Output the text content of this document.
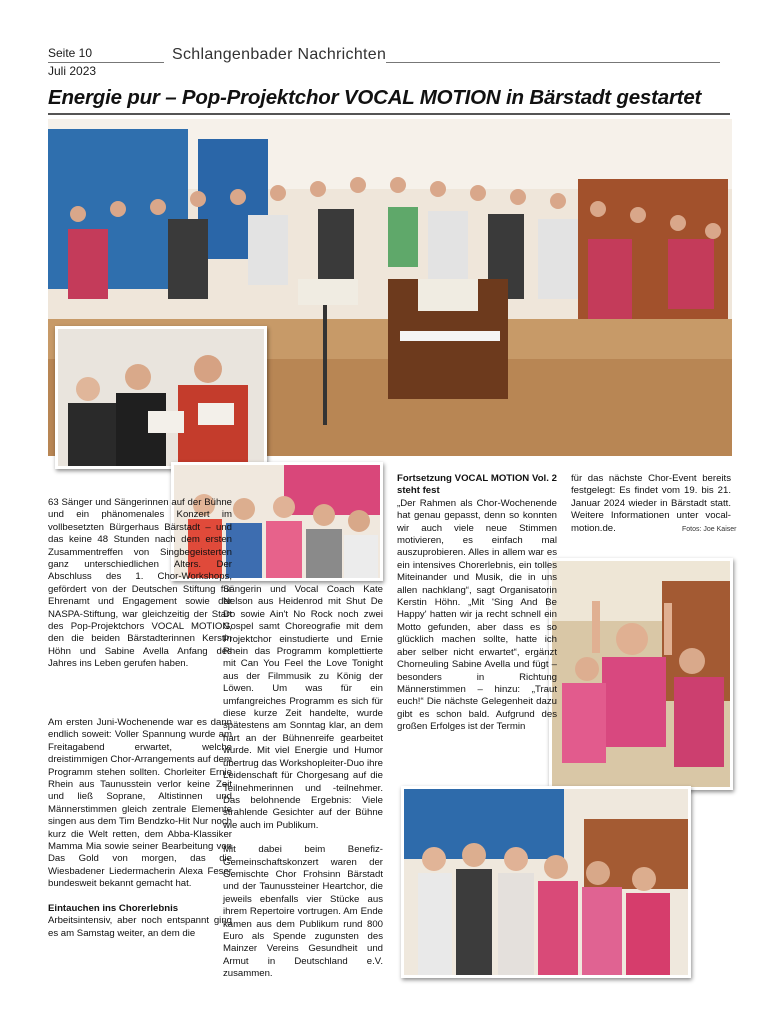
Seite 10
Juli 2023
Schlangenbader Nachrichten
Energie pur – Pop-Projektchor VOCAL MOTION in Bärstadt gestartet

63 Sänger und Sängerinnen auf der Bühne und ein phänomenales Konzert im vollbesetzten Bürgerhaus Bärstadt – und das keine 48 Stunden nach dem ersten Zusammentreffen von Singbegeisterten ganz unterschiedlichen Alters. Der Abschluss des 1. Chor-Workshops, gefördert von der Deutschen Stiftung für Ehrenamt und Engagement sowie der NASPA-Stiftung, war gleichzeitig der Start des Pop-Projektchors VOCAL MOTION, den die beiden Bärstadterinnen Kerstin Höhn und Sabine Avella Anfang des Jahres ins Leben gerufen haben.

Am ersten Juni-Wochenende war es dann endlich soweit: Voller Spannung wurde am Freitagabend erwartet, welche dreistimmigen Chor-Arrangements auf dem Programm stehen sollten. Chorleiter Ernie Rhein aus Taunusstein verlor keine Zeit und ließ Soprane, Altistinnen und Männerstimmen gleich zentrale Elemente singen aus dem Tim Bendzko-Hit Nur noch kurz die Welt retten, dem Abba-Klassiker Mamma Mia sowie seiner Bearbeitung von Das Gold von morgen, das die Wiesbadener Liedermacherin Alexa Feser bundesweit bekannt gemacht hat.

Eintauchen ins Chorerlebnis

Arbeitsintensiv, aber noch entspannt ging es am Samstag weiter, an dem die

Sängerin und Vocal Coach Kate Nelson aus Heidenrod mit Shut De Do sowie Ain't No Rock noch zwei Gospel samt Choreografie mit dem Projektchor einstudierte und Ernie Rhein das Programm komplettierte mit Can You Feel the Love Tonight aus der Filmmusik zu König der Löwen. Um was für ein umfangreiches Programm es sich für diese kurze Zeit handelte, wurde spätestens am Sonntag klar, an dem hart an der Bühnenreife gearbeitet wurde. Mit viel Energie und Humor übertrug das Workshopleiter-Duo ihre Leidenschaft für Chorgesang auf die Teilnehmerinnen und -teilnehmer. Das belohnende Ergebnis: Viele strahlende Gesichter auf der Bühne wie auch im Publikum.

Mit dabei beim Benefiz-Gemeinschaftskonzert waren der Gemischte Chor Frohsinn Bärstadt und der Taunussteiner Heartchor, die jeweils ebenfalls vier Stücke aus ihrem Repertoire vortrugen. Am Ende kamen aus dem Publikum rund 800 Euro als Spende zugunsten des Mainzer Vereins Gesundheit und Armut in Deutschland e.V. zusammen.

Fortsetzung VOCAL MOTION Vol. 2 steht fest

„Der Rahmen als Chor-Wochenende hat genau gepasst, denn so konnten wir auch viele neue Stimmen motivieren, es einfach mal auszuprobieren. Alles in allem war es ein intensives Chorerlebnis, ein tolles Miteinander und Musik, die in uns allen nachklang“, sagt Organisatorin Kerstin Höhn. „Mit 'Sing And Be Happy' hatten wir ja recht schnell ein Motto gefunden, aber dass es so glücklich machen sollte, hatte ich aber selber nicht erwartet“, ergänzt Chorneuling Sabine Avella und fügt – besonders in Richtung Männerstimmen – hinzu: „Traut euch!“ Die nächste Gelegenheit dazu gibt es schon bald. Aufgrund des großen Erfolges ist der Termin

für das nächste Chor-Event bereits festgelegt: Es findet vom 19. bis 21. Januar 2024 wieder in Bärstadt statt. Weitere Informationen unter vocal-motion.de.	Fotos: Joe Kaiser
